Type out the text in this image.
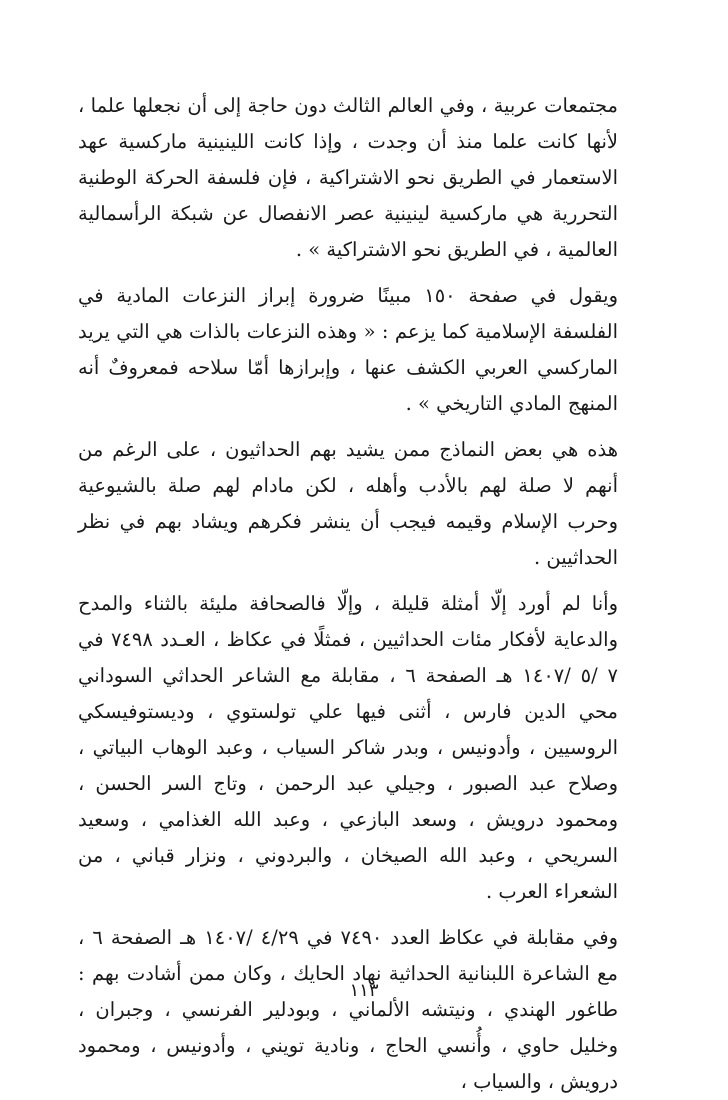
مجتمعات عربية ، وفي العالم الثالث دون حاجة إلى أن نجعلها علما ، لأنها كانت علما منذ أن وجدت ، وإذا كانت اللينينية ماركسية عهد الاستعمار في الطريق نحو الاشتراكية ، فإن فلسفة الحركة الوطنية التحررية هي ماركسية لينينية عصر الانفصال عن شبكة الرأسمالية العالمية ، في الطريق نحو الاشتراكية » .

ويقول في صفحة ١٥٠ مبينًا ضرورة إبراز النزعات المادية في الفلسفة الإسلامية كما يزعم : « وهذه النزعات بالذات هي التي يريد الماركسي العربي الكشف عنها ، وإبرازها أمّا سلاحه فمعروفٌ أنه المنهج المادي التاريخي » .

هذه هي بعض النماذج ممن يشيد بهم الحداثيون ، على الرغم من أنهم لا صلة لهم بالأدب وأهله ، لكن مادام لهم صلة بالشيوعية وحرب الإسلام وقيمه فيجب أن ينشر فكرهم ويشاد بهم في نظر الحداثيين .

وأنا لم أورد إلّا أمثلة قليلة ، وإلّا فالصحافة مليئة بالثناء والمدح والدعاية لأفكار مئات الحداثيين ، فمثلًا في عكاظ ، العـدد ٧٤٩٨ في ٧ /٥ /١٤٠٧ هـ الصفحة ٦ ، مقابلة مع الشاعر الحداثي السوداني محي الدين فارس ، أثنى فيها علي تولستوي ، وديستوفيسكي الروسيين ، وأدونيس ، وبدر شاكر السياب ، وعبد الوهاب البياتي ، وصلاح عبد الصبور ، وجيلي عبد الرحمن ، وتاج السر الحسن ، ومحمود درويش ، وسعد البازعي ، وعبد الله الغذامي ، وسعيد السريحي ، وعبد الله الصيخان ، والبردوني ، ونزار قباني ، من الشعراء العرب .

وفي مقابلة في عكاظ العدد ٧٤٩٠ في ٤/٢٩ /١٤٠٧ هـ الصفحة ٦ ، مع الشاعرة اللبنانية الحداثية نهاد الحايك ، وكان ممن أشادت بهم : طاغور الهندي ، ونيتشه الألماني ، وبودلير الفرنسي ، وجبران ، وخليل حاوي ، وأُنسي الحاج ، ونادية تويني ، وأدونيس ، ومحمود درويش ، والسياب ،

١١٣
